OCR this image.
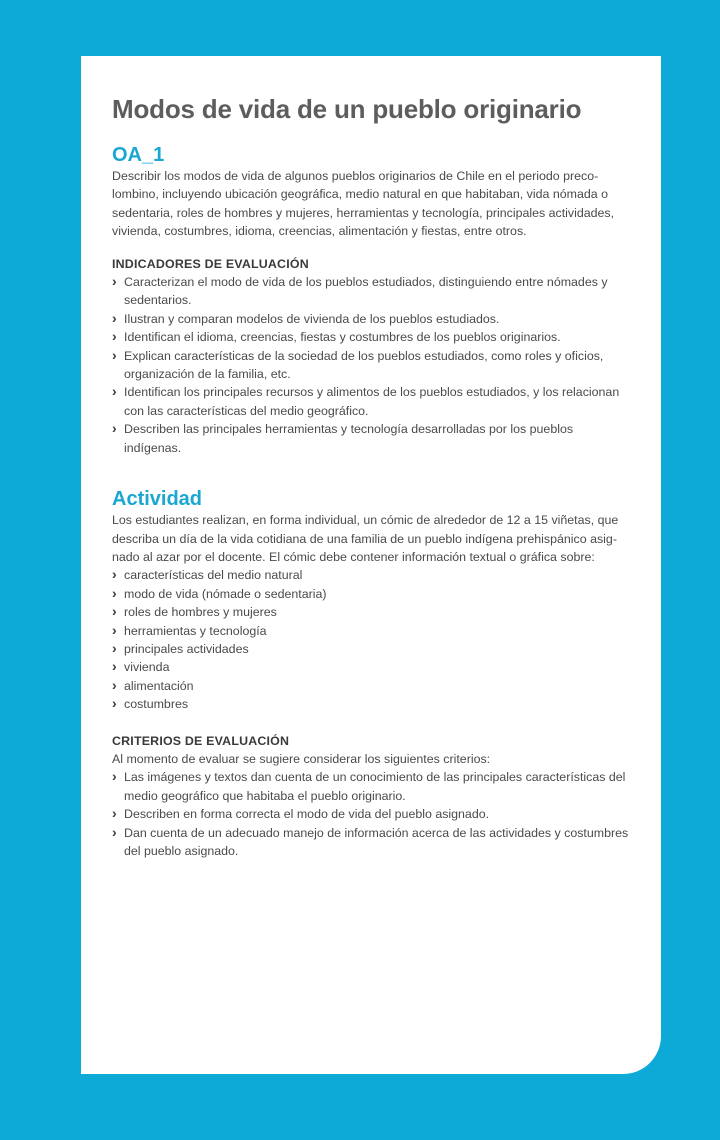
Modos de vida de un pueblo originario
OA_1

Describir los modos de vida de algunos pueblos originarios de Chile en el periodo precolombino, incluyendo ubicación geográfica, medio natural en que habitaban, vida nómada o sedentaria, roles de hombres y mujeres, herramientas y tecnología, principales actividades, vivienda, costumbres, idioma, creencias, alimentación y fiestas, entre otros.

INDICADORES DE EVALUACIÓN
› Caracterizan el modo de vida de los pueblos estudiados, distinguiendo entre nómades y sedentarios.
› Ilustran y comparan modelos de vivienda de los pueblos estudiados.
› Identifican el idioma, creencias, fiestas y costumbres de los pueblos originarios.
› Explican características de la sociedad de los pueblos estudiados, como roles y oficios, organización de la familia, etc.
› Identifican los principales recursos y alimentos de los pueblos estudiados, y los relacionan con las características del medio geográfico.
› Describen las principales herramientas y tecnología desarrolladas por los pueblos indígenas.
Actividad

Los estudiantes realizan, en forma individual, un cómic de alrededor de 12 a 15 viñetas, que describa un día de la vida cotidiana de una familia de un pueblo indígena prehispánico asignado al azar por el docente. El cómic debe contener información textual o gráfica sobre:

› características del medio natural
› modo de vida (nómade o sedentaria)
› roles de hombres y mujeres
› herramientas y tecnología
› principales actividades
› vivienda
› alimentación
› costumbres
CRITERIOS DE EVALUACIÓN

Al momento de evaluar se sugiere considerar los siguientes criterios:

› Las imágenes y textos dan cuenta de un conocimiento de las principales características del medio geográfico que habitaba el pueblo originario.
› Describen en forma correcta el modo de vida del pueblo asignado.
› Dan cuenta de un adecuado manejo de información acerca de las actividades y costumbres del pueblo asignado.
